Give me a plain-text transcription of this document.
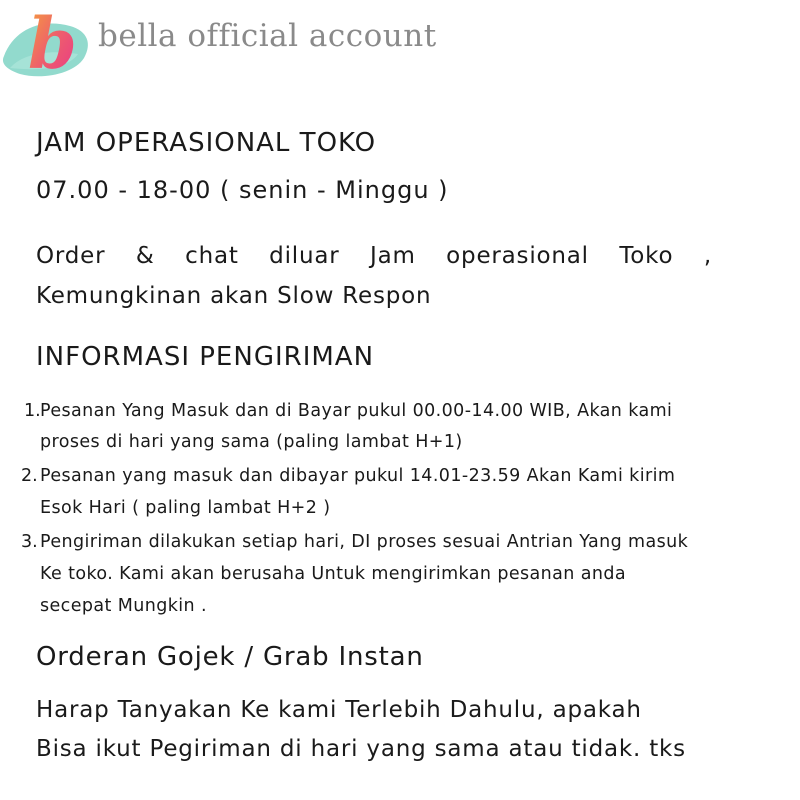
b bella official account
JAM OPERASIONAL TOKO
07.00 - 18-00 ( senin - Minggu )
Order & chat diluar Jam operasional Toko ,
Kemungkinan akan Slow Respon
INFORMASI PENGIRIMAN
1. Pesanan Yang Masuk dan di Bayar pukul 00.00-14.00 WIB, Akan kami
proses di hari yang sama (paling lambat H+1)
2. Pesanan yang masuk dan dibayar pukul 14.01-23.59 Akan Kami kirim
Esok Hari ( paling lambat H+2 )
3. Pengiriman dilakukan setiap hari, DI proses sesuai Antrian Yang masuk
Ke toko. Kami akan berusaha Untuk mengirimkan pesanan anda
secepat Mungkin .
Orderan Gojek / Grab Instan
Harap Tanyakan Ke kami Terlebih Dahulu, apakah
Bisa ikut Pegiriman di hari yang sama atau tidak. tks
